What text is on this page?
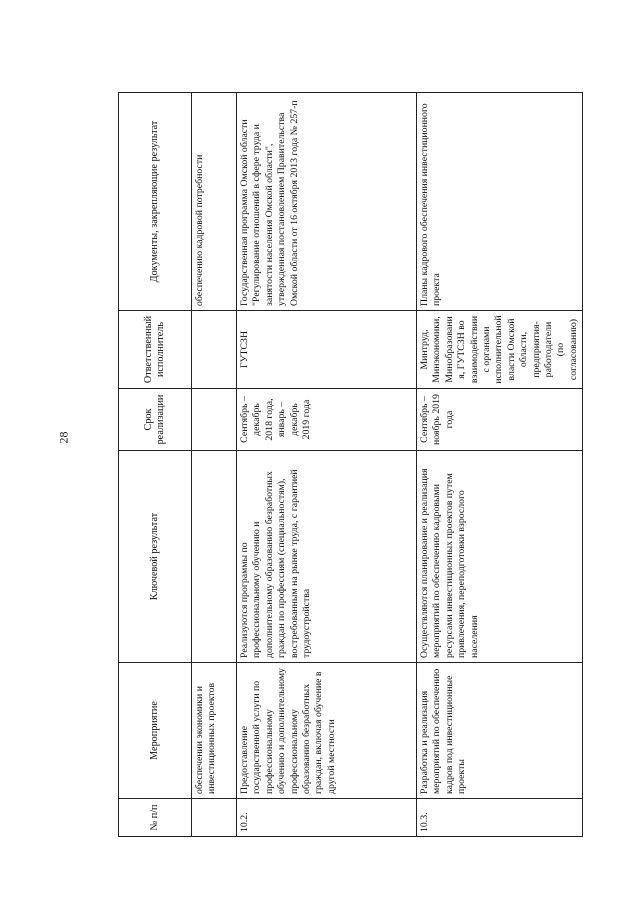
28
№ п/п	Мероприятие	Ключевой результат	Срок реализации	Ответственный исполнитель	Документы, закрепляющие результат
	обеспечении экономики и инвестиционных проектов				обеспечению кадровой потребности
10.2.	Предоставление государственной услуги по профессиональному обучению и дополнительному профессиональному образованию безработных граждан, включая обучение в другой местности	Реализуются программы по профессиональному обучению и дополнительному образованию безработных граждан по профессиям (специальностям), востребованным на рынке труда, с гарантией трудоустройства	Сентябрь – декабрь 2018 года, январь – декабрь 2019 года	ГУТСЗН	Государственная программа Омской области "Регулирование отношений в сфере труда и занятости населения Омской области", утвержденная постановлением Правительства Омской области от 16 октября 2013 года № 257-п
10.3.	Разработка и реализация мероприятий по обеспечению кадров под инвестиционные проекты	Осуществляются планирование и реализация мероприятий по обеспечению кадровыми ресурсами инвестиционных проектов путем привлечения, переподготовки взрослого населения	Сентябрь – ноябрь 2019 года	Минтруд, Минэкономики, Минобразования, ГУТСЗН во взаимодействии с органами исполнительной власти Омской области, предприятия-работодатели (по согласованию)	Планы кадрового обеспечения инвестиционного проекта
